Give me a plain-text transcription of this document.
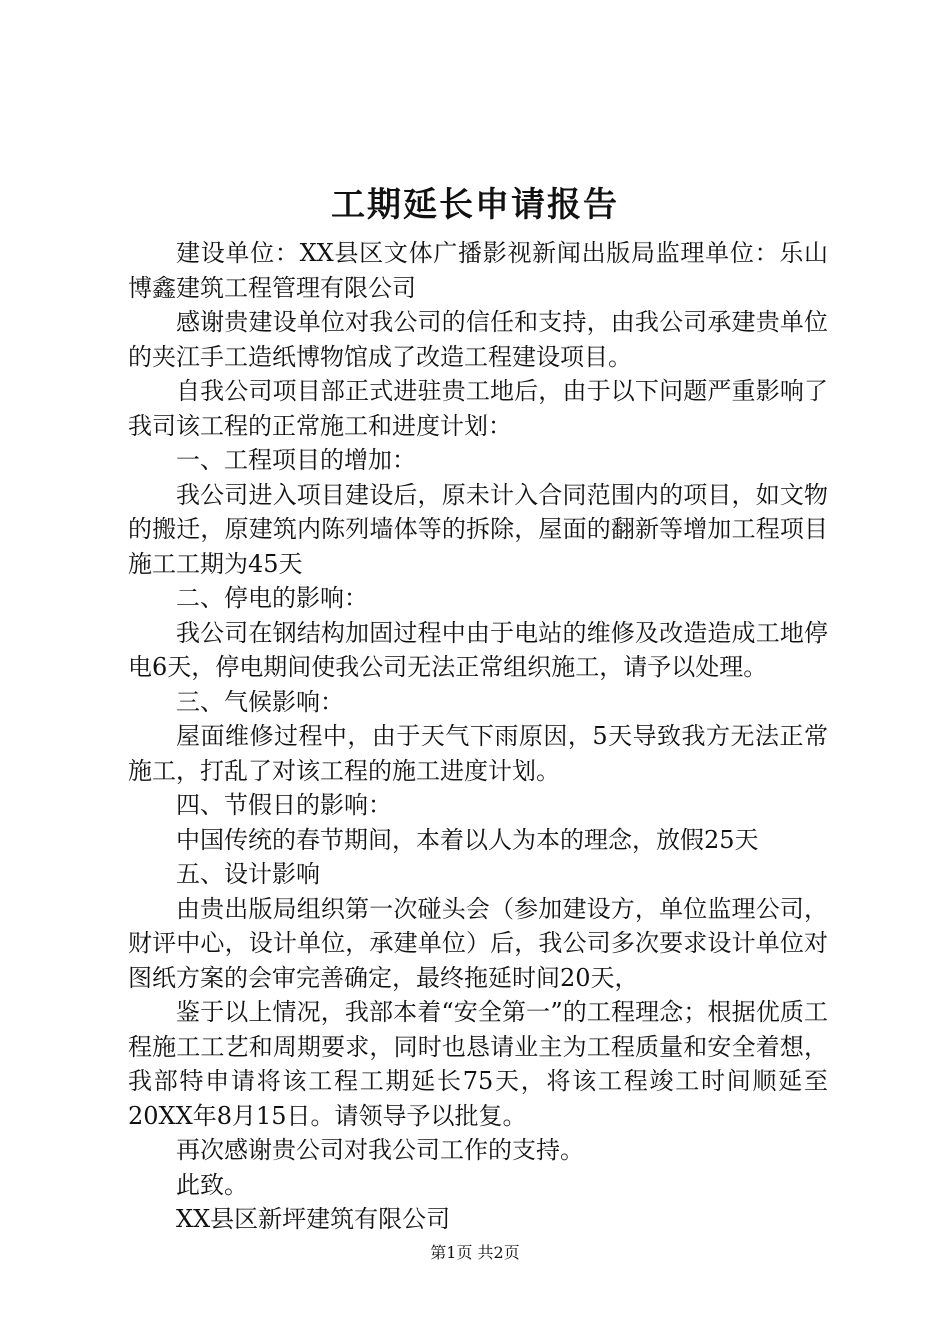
工期延长申请报告

建设单位：XX县区文体广播影视新闻出版局监理单位：乐山博鑫建筑工程管理有限公司

感谢贵建设单位对我公司的信任和支持，由我公司承建贵单位的夹江手工造纸博物馆成了改造工程建设项目。

自我公司项目部正式进驻贵工地后，由于以下问题严重影响了我司该工程的正常施工和进度计划：

一、工程项目的增加：

我公司进入项目建设后，原未计入合同范围内的项目，如文物的搬迁，原建筑内陈列墙体等的拆除，屋面的翻新等增加工程项目施工工期为45天

二、停电的影响：

我公司在钢结构加固过程中由于电站的维修及改造造成工地停电6天，停电期间使我公司无法正常组织施工，请予以处理。

三、气候影响：

屋面维修过程中，由于天气下雨原因，5天导致我方无法正常施工，打乱了对该工程的施工进度计划。

四、节假日的影响：

中国传统的春节期间，本着以人为本的理念，放假25天

五、设计影响

由贵出版局组织第一次碰头会（参加建设方，单位监理公司，财评中心，设计单位，承建单位）后，我公司多次要求设计单位对图纸方案的会审完善确定，最终拖延时间20天，

鉴于以上情况，我部本着“安全第一”的工程理念；根据优质工程施工工艺和周期要求，同时也恳请业主为工程质量和安全着想，我部特申请将该工程工期延长75天，将该工程竣工时间顺延至20XX年8月15日。请领导予以批复。

再次感谢贵公司对我公司工作的支持。

此致。

XX县区新坪建筑有限公司

第1页 共2页
